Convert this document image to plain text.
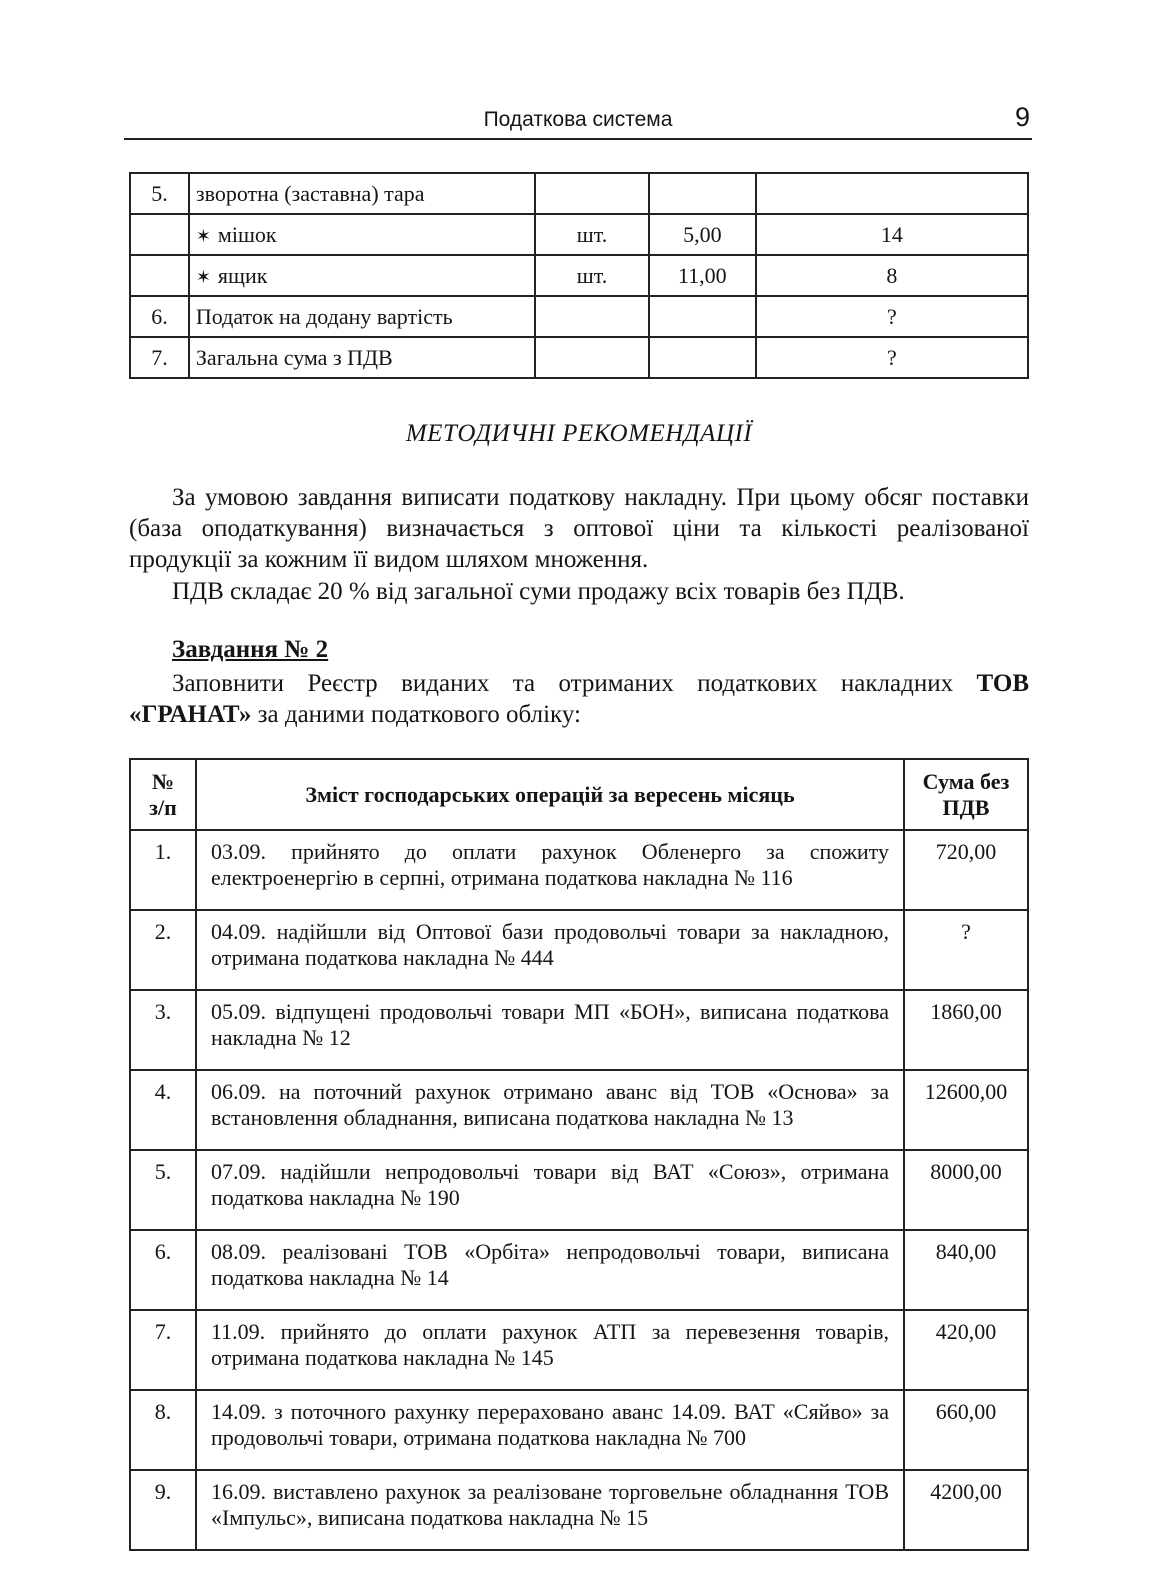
Податкова система	9
5.	зворотна (заставна) тара			
	✶ мішок	шт.	5,00	14
	✶ ящик	шт.	11,00	8
6.	Податок на додану вартість			?
7.	Загальна сума з ПДВ			?
МЕТОДИЧНІ РЕКОМЕНДАЦІЇ
За умовою завдання виписати податкову накладну. При цьому обсяг поставки (база оподаткування) визначається з оптової ціни та кількості реалізованої продукції за кожним її видом шляхом множення.
ПДВ складає 20 % від загальної суми продажу всіх товарів без ПДВ.
Завдання № 2
Заповнити Реєстр виданих та отриманих податкових накладних ТОВ «ГРАНАТ» за даними податкового обліку:
№ з/п	Зміст господарських операцій за вересень місяць	Сума без ПДВ
1.	03.09. прийнято до оплати рахунок Обленерго за спожиту електроенергію в серпні, отримана податкова накладна № 116	720,00
2.	04.09. надійшли від Оптової бази продовольчі товари за накладною, отримана податкова накладна № 444	?
3.	05.09. відпущені продовольчі товари МП «БОН», виписана податкова накладна № 12	1860,00
4.	06.09. на поточний рахунок отримано аванс від ТОВ «Основа» за встановлення обладнання, виписана податкова накладна № 13	12600,00
5.	07.09. надійшли непродовольчі товари від ВАТ «Союз», отримана податкова накладна № 190	8000,00
6.	08.09. реалізовані ТОВ «Орбіта» непродовольчі товари, виписана податкова накладна № 14	840,00
7.	11.09. прийнято до оплати рахунок АТП за перевезення товарів, отримана податкова накладна № 145	420,00
8.	14.09. з поточного рахунку перераховано аванс 14.09. ВАТ «Сяйво» за продовольчі товари, отримана податкова накладна № 700	660,00
9.	16.09. виставлено рахунок за реалізоване торговельне обладнання ТОВ «Імпульс», виписана податкова накладна № 15	4200,00
